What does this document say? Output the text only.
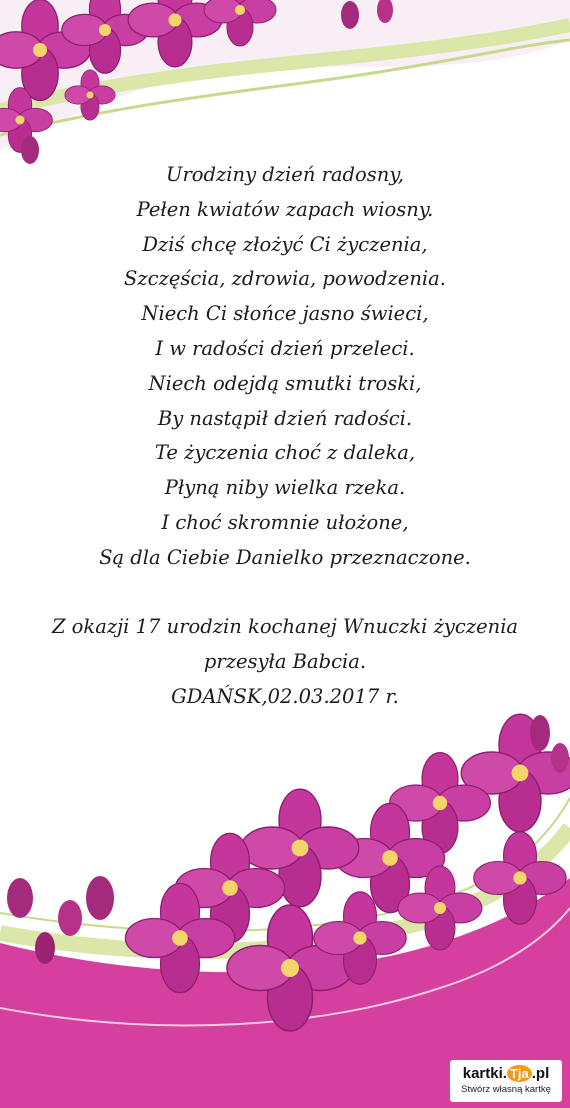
Urodziny dzień radosny,
Pełen kwiatów zapach wiosny.
Dziś chcę złożyć Ci życzenia,
Szczęścia, zdrowia, powodzenia.
Niech Ci słońce jasno świeci,
I w radości dzień przeleci.
Niech odejdą smutki troski,
By nastąpił dzień radości.
Te życzenia choć z daleka,
Płyną niby wielka rzeka.
I choć skromnie ułożone,
Są dla Ciebie Danielko przeznaczone.
Z okazji 17 urodzin kochanej Wnuczki życzenia
przesyła Babcia.
GDAŃSK,02.03.2017 r.
kartki. Tja .pl
Stwórz własną kartkę
